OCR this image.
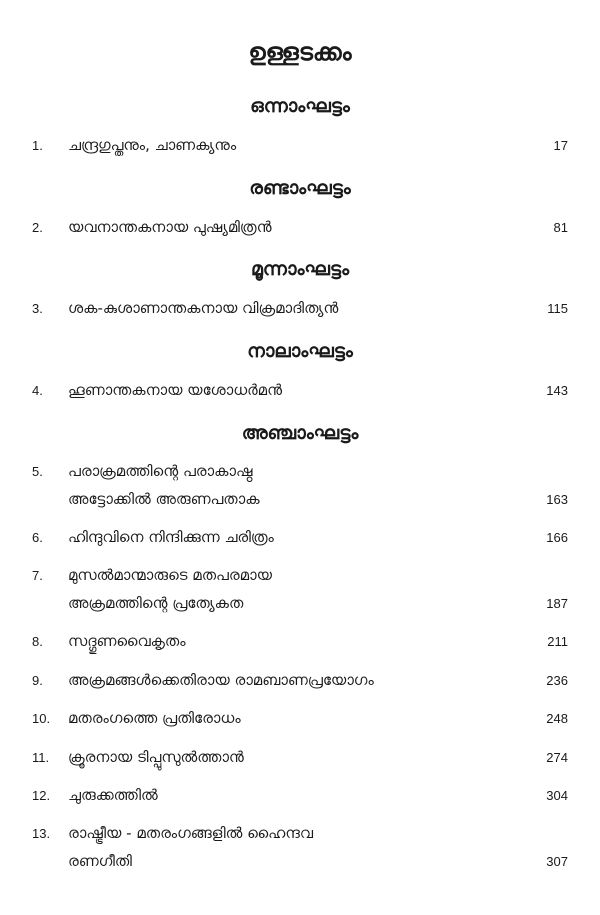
ഉള്ളടക്കം
ഒന്നാംഘട്ടം
1. ചന്ദ്രഗുപ്തനും, ചാണക്യനും	17
രണ്ടാംഘട്ടം
2. യവനാന്തകനായ പുഷ്യമിത്രൻ	81
മൂന്നാംഘട്ടം
3. ശക-കുശാണാന്തകനായ വിക്രമാദിത്യൻ	115
നാലാംഘട്ടം
4. ഹൂണാന്തകനായ യശോധർമൻ	143
അഞ്ചാംഘട്ടം
5. പരാക്രമത്തിന്റെ പരാകാഷ്ഠ
അട്ടോക്കിൽ അരുണപതാക	163
6. ഹിന്ദുവിനെ നിന്ദിക്കുന്ന ചരിത്രം	166
7. മുസൽമാന്മാരുടെ മതപരമായ
അക്രമത്തിന്റെ പ്രത്യേകത	187
8. സദ്ഗുണവൈകൃതം	211
9. അക്രമങ്ങൾക്കെതിരായ രാമബാണപ്രയോഗം	236
10. മതരംഗത്തെ പ്രതിരോധം	248
11. ക്രൂരനായ ടിപ്പുസുൽത്താൻ	274
12. ചുരുക്കത്തിൽ	304
13. രാഷ്ട്രീയ - മതരംഗങ്ങളിൽ ഹൈന്ദവ
രണഗീതി	307
